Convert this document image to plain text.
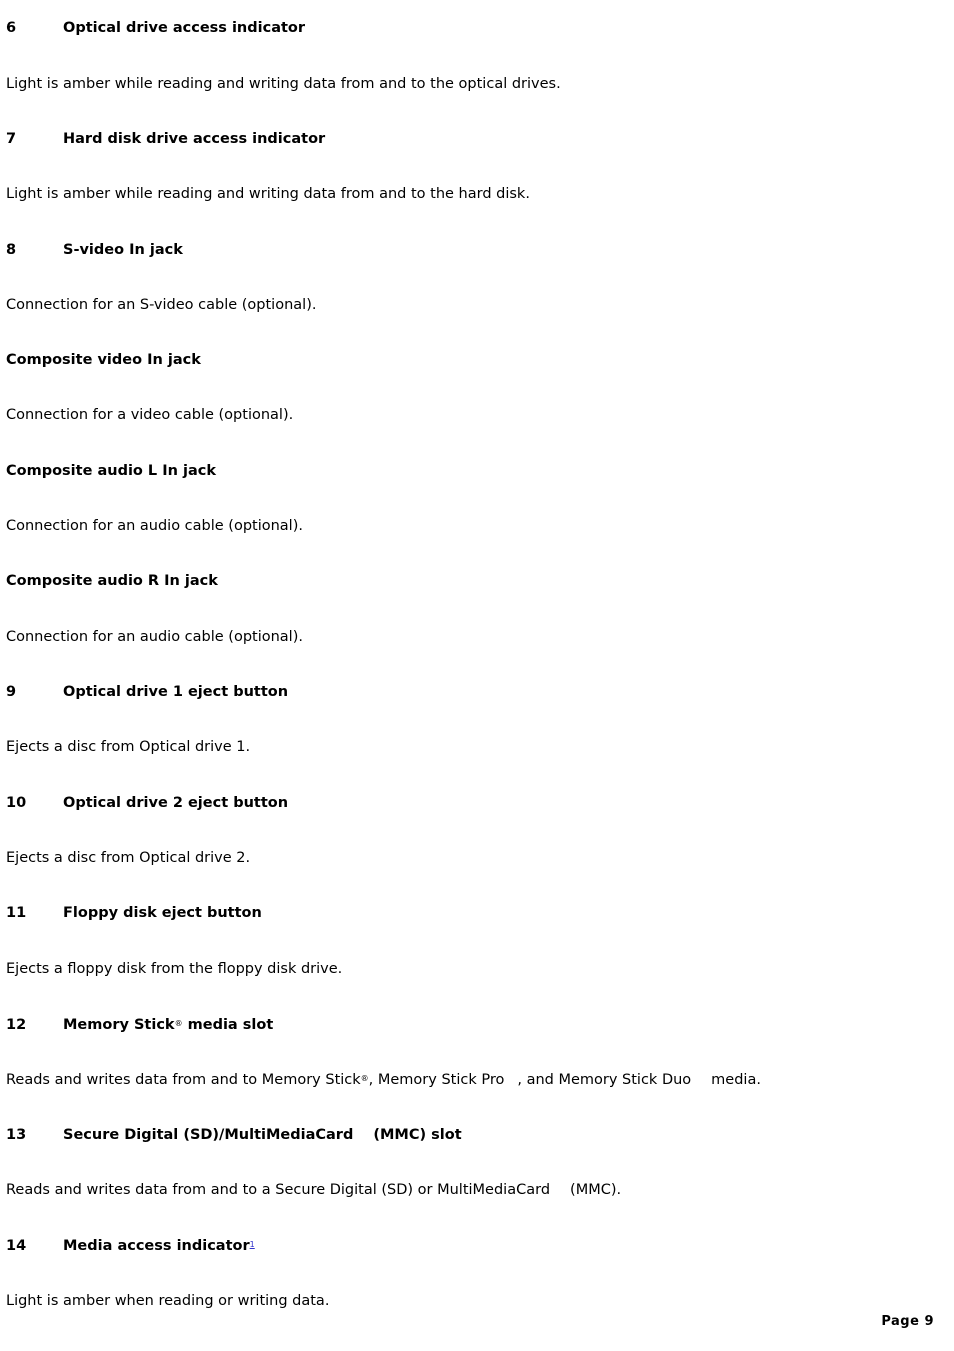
6	Optical drive access indicator
Light is amber while reading and writing data from and to the optical drives.
7	Hard disk drive access indicator
Light is amber while reading and writing data from and to the hard disk.
8	S-video In jack
Connection for an S-video cable (optional).
Composite video In jack
Connection for a video cable (optional).
Composite audio L In jack
Connection for an audio cable (optional).
Composite audio R In jack
Connection for an audio cable (optional).
9	Optical drive 1 eject button
Ejects a disc from Optical drive 1.
10	Optical drive 2 eject button
Ejects a disc from Optical drive 2.
11	Floppy disk eject button
Ejects a floppy disk from the floppy disk drive.
12	Memory Stick® media slot
Reads and writes data from and to Memory Stick®, Memory Stick Pro , and Memory Stick Duo media.
13	Secure Digital (SD)/MultiMediaCard (MMC) slot
Reads and writes data from and to a Secure Digital (SD) or MultiMediaCard (MMC).
14	Media access indicator$^1$
Light is amber when reading or writing data.
Page 9
